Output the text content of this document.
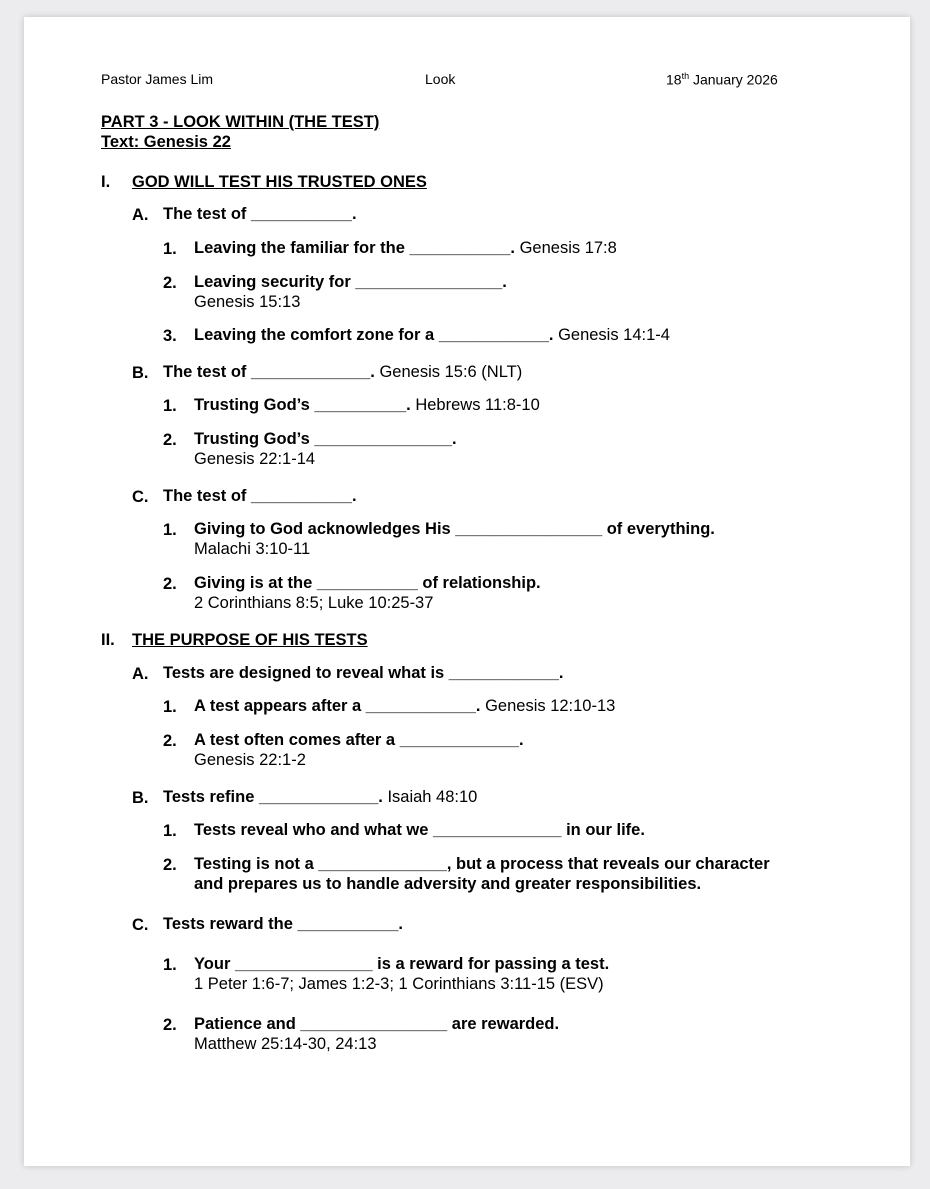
Pastor James Lim	Look	18th January 2026
PART 3 - LOOK WITHIN (THE TEST)
Text: Genesis 22
I. GOD WILL TEST HIS TRUSTED ONES
A. The test of ___________.
1. Leaving the familiar for the ___________. Genesis 17:8
2. Leaving security for ________________.
Genesis 15:13
3. Leaving the comfort zone for a ____________. Genesis 14:1-4
B. The test of _____________. Genesis 15:6 (NLT)
1. Trusting God’s __________. Hebrews 11:8-10
2. Trusting God’s _______________.
Genesis 22:1-14
C. The test of ___________.
1. Giving to God acknowledges His ________________ of everything.
Malachi 3:10-11
2. Giving is at the ___________ of relationship.
2 Corinthians 8:5; Luke 10:25-37
II. THE PURPOSE OF HIS TESTS
A. Tests are designed to reveal what is ____________.
1. A test appears after a ____________. Genesis 12:10-13
2. A test often comes after a _____________.
Genesis 22:1-2
B. Tests refine _____________. Isaiah 48:10
1. Tests reveal who and what we ______________ in our life.
2. Testing is not a ______________, but a process that reveals our character
and prepares us to handle adversity and greater responsibilities.
C. Tests reward the ___________.
1. Your _______________ is a reward for passing a test.
1 Peter 1:6-7; James 1:2-3; 1 Corinthians 3:11-15 (ESV)
2. Patience and ________________ are rewarded.
Matthew 25:14-30, 24:13
